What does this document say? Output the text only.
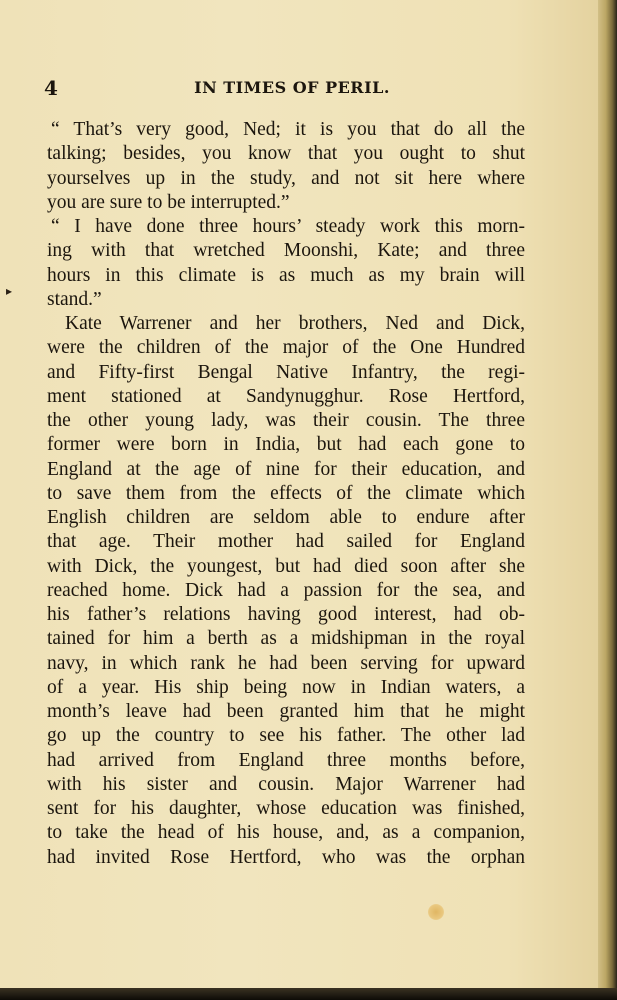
4	IN TIMES OF PERIL.
▸
“ That’s very good, Ned; it is you that do all the
talking; besides, you know that you ought to shut
yourselves up in the study, and not sit here where
you are sure to be interrupted.”
“ I have done three hours’ steady work this morn-
ing with that wretched Moonshi, Kate; and three
hours in this climate is as much as my brain will
stand.”
Kate Warrener and her brothers, Ned and Dick,
were the children of the major of the One Hundred
and Fifty-first Bengal Native Infantry, the regi-
ment stationed at Sandynugghur. Rose Hertford,
the other young lady, was their cousin. The three
former were born in India, but had each gone to
England at the age of nine for their education, and
to save them from the effects of the climate which
English children are seldom able to endure after
that age. Their mother had sailed for England
with Dick, the youngest, but had died soon after she
reached home. Dick had a passion for the sea, and
his father’s relations having good interest, had ob-
tained for him a berth as a midshipman in the royal
navy, in which rank he had been serving for upward
of a year. His ship being now in Indian waters, a
month’s leave had been granted him that he might
go up the country to see his father. The other lad
had arrived from England three months before,
with his sister and cousin. Major Warrener had
sent for his daughter, whose education was finished,
to take the head of his house, and, as a companion,
had invited Rose Hertford, who was the orphan
